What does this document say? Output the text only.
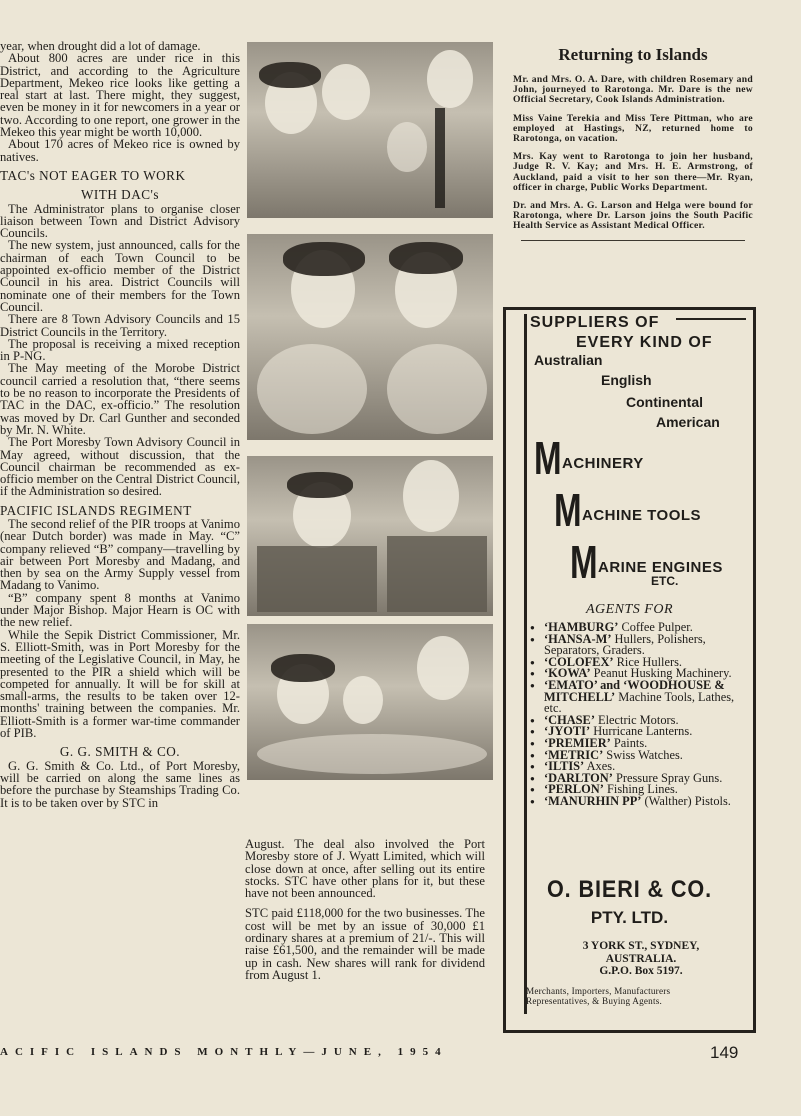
year, when drought did a lot of damage.

About 800 acres are under rice in this District, and according to the Agriculture Department, Mekeo rice looks like getting a real start at last. There might, they suggest, even be money in it for newcomers in a year or two. According to one report, one grower in the Mekeo this year might be worth 10,000.

About 170 acres of Mekeo rice is owned by natives.

TAC's NOT EAGER TO WORK

WITH DAC's

The Administrator plans to organise closer liaison between Town and District Advisory Councils.

The new system, just announced, calls for the chairman of each Town Council to be appointed ex-officio member of the District Council in his area. District Councils will nominate one of their members for the Town Council.

There are 8 Town Advisory Councils and 15 District Councils in the Territory.

The proposal is receiving a mixed reception in P-NG.

The May meeting of the Morobe District council carried a resolution that, “there seems to be no reason to incorporate the Presidents of TAC in the DAC, ex-officio.” The resolution was moved by Dr. Carl Gunther and seconded by Mr. N. White.

The Port Moresby Town Advisory Council in May agreed, without discussion, that the Council chairman be recommended as ex-officio member on the Central District Council, if the Administration so desired.

PACIFIC ISLANDS REGIMENT

The second relief of the PIR troops at Vanimo (near Dutch border) was made in May. “C” company relieved “B” company—travelling by air between Port Moresby and Madang, and then by sea on the Army Supply vessel from Madang to Vanimo.

“B” company spent 8 months at Vanimo under Major Bishop. Major Hearn is OC with the new relief.

While the Sepik District Commissioner, Mr. S. Elliott-Smith, was in Port Moresby for the meeting of the Legislative Council, in May, he presented to the PIR a shield which will be competed for annually. It will be for skill at small-arms, the results to be taken over 12-months' training between the companies. Mr. Elliott-Smith is a former war-time commander of PIB.

G. G. SMITH & CO.

G. G. Smith & Co. Ltd., of Port Moresby, will be carried on along the same lines as before the purchase by Steamships Trading Co. It is to be taken over by STC in

August. The deal also involved the Port Moresby store of J. Wyatt Limited, which will close down at once, after selling out its entire stocks. STC have other plans for it, but these have not been announced.

STC paid £118,000 for the two businesses. The cost will be met by an issue of 30,000 £1 ordinary shares at a premium of 21/-. This will raise £61,500, and the remainder will be made up in cash. New shares will rank for dividend from August 1.

Returning to Islands

Mr. and Mrs. O. A. Dare, with children Rosemary and John, journeyed to Rarotonga. Mr. Dare is the new Official Secretary, Cook Islands Administration.

Miss Vaine Terekia and Miss Tere Pittman, who are employed at Hastings, NZ, returned home to Rarotonga, on vacation.

Mrs. Kay went to Rarotonga to join her husband, Judge R. V. Kay; and Mrs. H. E. Armstrong, of Auckland, paid a visit to her son there—Mr. Ryan, officer in charge, Public Works Department.

Dr. and Mrs. A. G. Larson and Helga were bound for Rarotonga, where Dr. Larson joins the South Pacific Health Service as Assistant Medical Officer.

SUPPLIERS OF
EVERY KIND OF
Australian
English
Continental
American
MACHINERY
MACHINE TOOLS
MARINE ENGINES
ETC.
AGENTS FOR
● ‘HAMBURG’ Coffee Pulper.
● ‘HANSA-M’ Hullers, Polishers, Separators, Graders.
● ‘COLOFEX’ Rice Hullers.
● ‘KOWA’ Peanut Husking Machinery.
● ‘EMATO’ and ‘WOODHOUSE & MITCHELL’ Machine Tools, Lathes, etc.
● ‘CHASE’ Electric Motors.
● ‘JYOTI’ Hurricane Lanterns.
● ‘PREMIER’ Paints.
● ‘METRIC’ Swiss Watches.
● ‘ILTIS’ Axes.
● ‘DARLTON’ Pressure Spray Guns.
● ‘PERLON’ Fishing Lines.
● ‘MANURHIN PP’ (Walther) Pistols.
O. BIERI & CO.
PTY. LTD.
3 YORK ST., SYDNEY,
AUSTRALIA.
G.P.O. Box 5197.
Merchants, Importers, Manufacturers Representatives, & Buying Agents.
ACIFIC ISLANDS MONTHLY—JUNE, 1954	149
